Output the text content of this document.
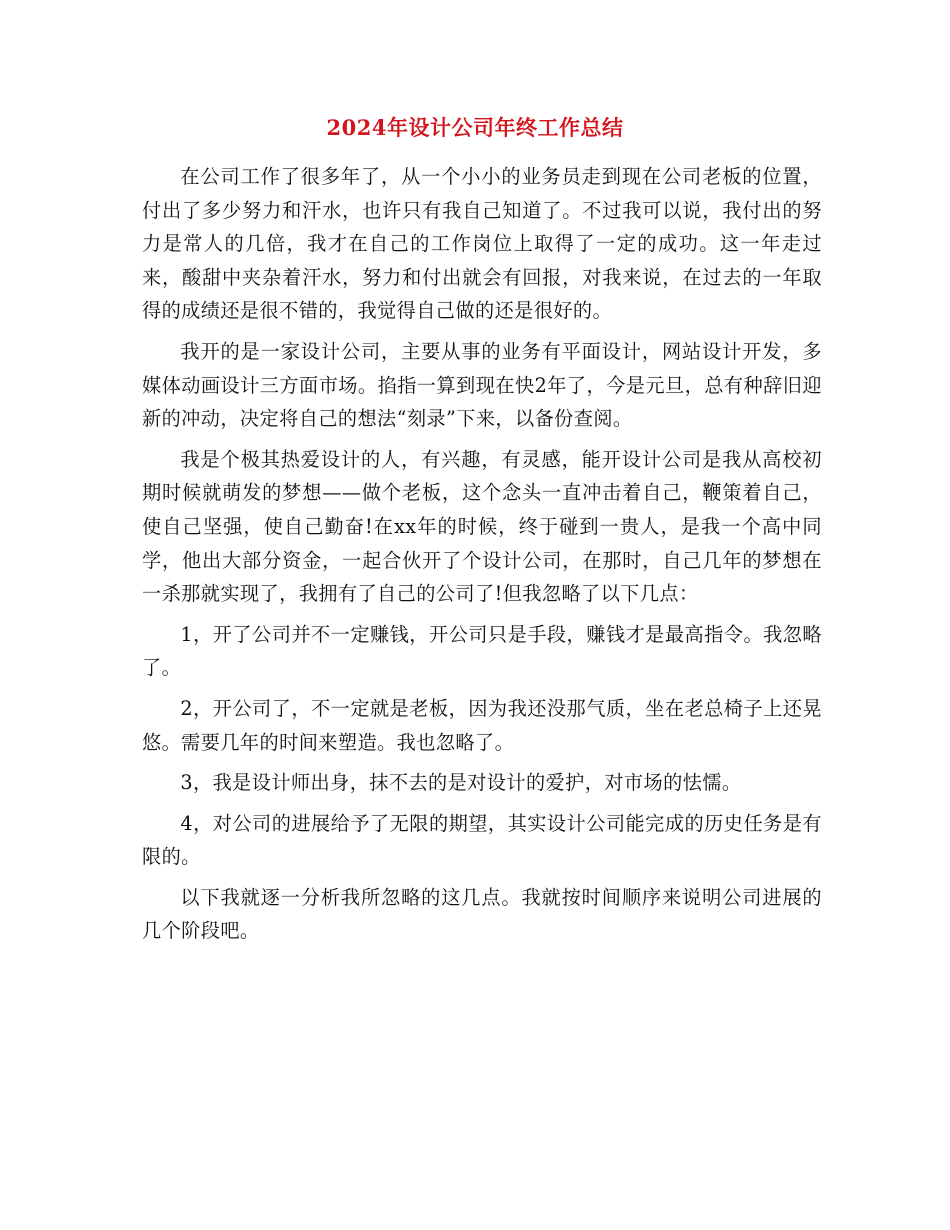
2024年设计公司年终工作总结

在公司工作了很多年了，从一个小小的业务员走到现在公司老板的位置，付出了多少努力和汗水，也许只有我自己知道了。不过我可以说，我付出的努力是常人的几倍，我才在自己的工作岗位上取得了一定的成功。这一年走过来，酸甜中夹杂着汗水，努力和付出就会有回报，对我来说，在过去的一年取得的成绩还是很不错的，我觉得自己做的还是很好的。

我开的是一家设计公司，主要从事的业务有平面设计，网站设计开发，多媒体动画设计三方面市场。掐指一算到现在快2年了，今是元旦，总有种辞旧迎新的冲动，决定将自己的想法“刻录”下来，以备份查阅。

我是个极其热爱设计的人，有兴趣，有灵感，能开设计公司是我从高校初期时候就萌发的梦想——做个老板，这个念头一直冲击着自己，鞭策着自己，使自己坚强，使自己勤奋!在xx年的时候，终于碰到一贵人，是我一个高中同学，他出大部分资金，一起合伙开了个设计公司，在那时，自己几年的梦想在一杀那就实现了，我拥有了自己的公司了!但我忽略了以下几点：

1，开了公司并不一定赚钱，开公司只是手段，赚钱才是最高指令。我忽略了。

2，开公司了，不一定就是老板，因为我还没那气质，坐在老总椅子上还晃悠。需要几年的时间来塑造。我也忽略了。

3，我是设计师出身，抹不去的是对设计的爱护，对市场的怯懦。

4，对公司的进展给予了无限的期望，其实设计公司能完成的历史任务是有限的。

以下我就逐一分析我所忽略的这几点。我就按时间顺序来说明公司进展的几个阶段吧。
